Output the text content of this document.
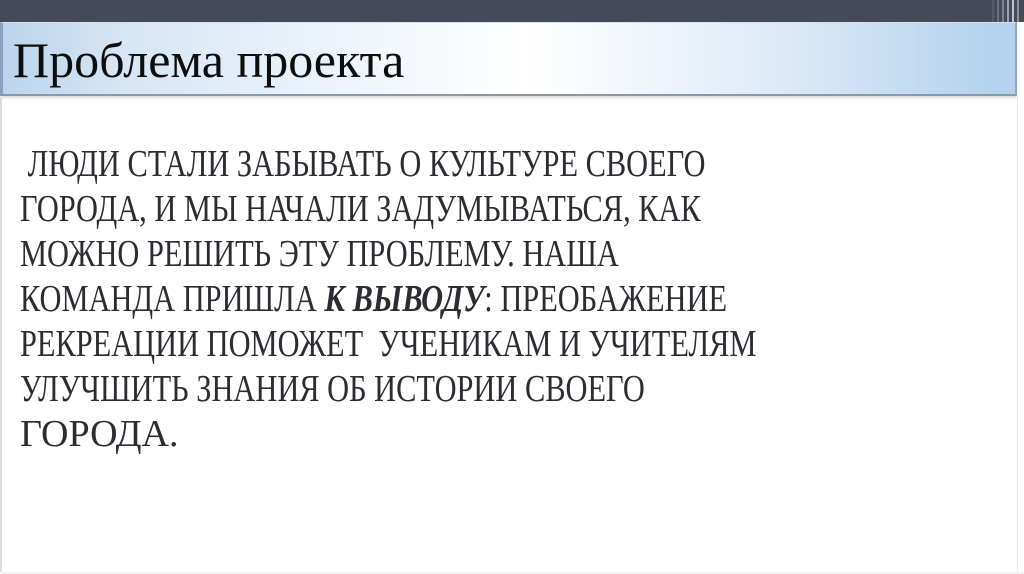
Проблема проекта
ЛЮДИ СТАЛИ ЗАБЫВАТЬ О КУЛЬТУРЕ СВОЕГО
ГОРОДА, И МЫ НАЧАЛИ ЗАДУМЫВАТЬСЯ, КАК
МОЖНО РЕШИТЬ ЭТУ ПРОБЛЕМУ. НАША
КОМАНДА ПРИШЛА К ВЫВОДУ: ПРЕОБАЖЕНИЕ
РЕКРЕАЦИИ ПОМОЖЕТ  УЧЕНИКАМ И УЧИТЕЛЯМ
УЛУЧШИТЬ ЗНАНИЯ ОБ ИСТОРИИ СВОЕГО
ГОРОДА.
